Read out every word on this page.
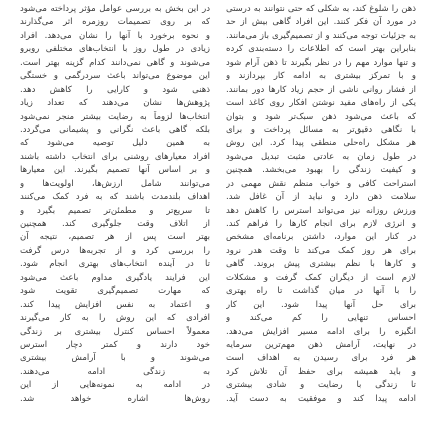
ذهن را شلوغ کند، به شکلی که حتی نتوانند به درستی
در مورد آن فکر کنند. این افراد گاهی بیش از حد
به جزئیات توجه می‌کنند و از تصمیم‌گیری باز می‌مانند.
بنابراین بهتر است که اطلاعات را دسته‌بندی کرده
و تنها موارد مهم را در نظر بگیرند تا ذهن آرام شود
و با تمرکز بیشتری به ادامه کار بپردازند و
از فشار روانی ناشی از حجم زیاد کارها دور بمانند.
یکی از راه‌های مفید نوشتن افکار روی کاغذ است
که باعث می‌شود ذهن سبک‌تر شود و بتوان
با نگاهی دقیق‌تر به مسائل پرداخت و برای
هر مشکل راه‌حلی منطقی پیدا کرد. این روش
در طول زمان به عادتی مثبت تبدیل می‌شود
و کیفیت زندگی را بهبود می‌بخشد. همچنین
استراحت کافی و خواب منظم نقش مهمی در
سلامت ذهن دارد و نباید از آن غافل شد.
ورزش روزانه نیز می‌تواند استرس را کاهش دهد
و انرژی لازم برای انجام کارها را فراهم کند.
در کنار این موارد، داشتن برنامه‌ای مشخص
برای هر روز کمک می‌کند تا وقت هدر نرود
و کارها با نظم بیشتری پیش بروند. گاهی
لازم است از دیگران کمک گرفت و مشکلات
را با آنها در میان گذاشت تا راه بهتری
برای حل آنها پیدا شود. این کار
احساس تنهایی را کم می‌کند و
انگیزه را برای ادامه مسیر افزایش می‌دهد.
در نهایت، آرامش ذهن مهم‌ترین سرمایه
هر فرد برای رسیدن به اهداف است
و باید همیشه برای حفظ آن تلاش کرد
تا زندگی با رضایت و شادی بیشتری
ادامه پیدا کند و موفقیت به دست آید.
در این بخش به بررسی عوامل مؤثر پرداخته می‌شود
که بر روی تصمیمات روزمره اثر می‌گذارند
و نحوه برخورد با آنها را نشان می‌دهد. افراد
زیادی در طول روز با انتخاب‌های مختلفی روبرو
می‌شوند و گاهی نمی‌دانند کدام گزینه بهتر است.
این موضوع می‌تواند باعث سردرگمی و خستگی
ذهنی شود و کارایی را کاهش دهد.
پژوهش‌ها نشان می‌دهند که تعداد زیاد
انتخاب‌ها لزوماً به رضایت بیشتر منجر نمی‌شود
بلکه گاهی باعث نگرانی و پشیمانی می‌گردد.
به همین دلیل توصیه می‌شود که
افراد معیارهای روشنی برای انتخاب داشته باشند
و بر اساس آنها تصمیم بگیرند. این معیارها
می‌توانند شامل ارزش‌ها، اولویت‌ها و
اهداف بلندمدت باشند که به فرد کمک می‌کنند
تا سریع‌تر و مطمئن‌تر تصمیم بگیرد و
از اتلاف وقت جلوگیری کند. همچنین
بهتر است پس از هر تصمیم، نتیجه آن
را بررسی کرد و از تجربه‌ها درس گرفت
تا در آینده انتخاب‌های بهتری انجام شود.
این فرایند یادگیری مداوم باعث می‌شود
که مهارت تصمیم‌گیری تقویت شود
و اعتماد به نفس افزایش پیدا کند.
افرادی که این روش را به کار می‌گیرند
معمولاً احساس کنترل بیشتری بر زندگی
خود دارند و کمتر دچار استرس
می‌شوند و با آرامش بیشتری
به زندگی ادامه می‌دهند.
در ادامه به نمونه‌هایی از این
روش‌ها اشاره خواهد شد.
